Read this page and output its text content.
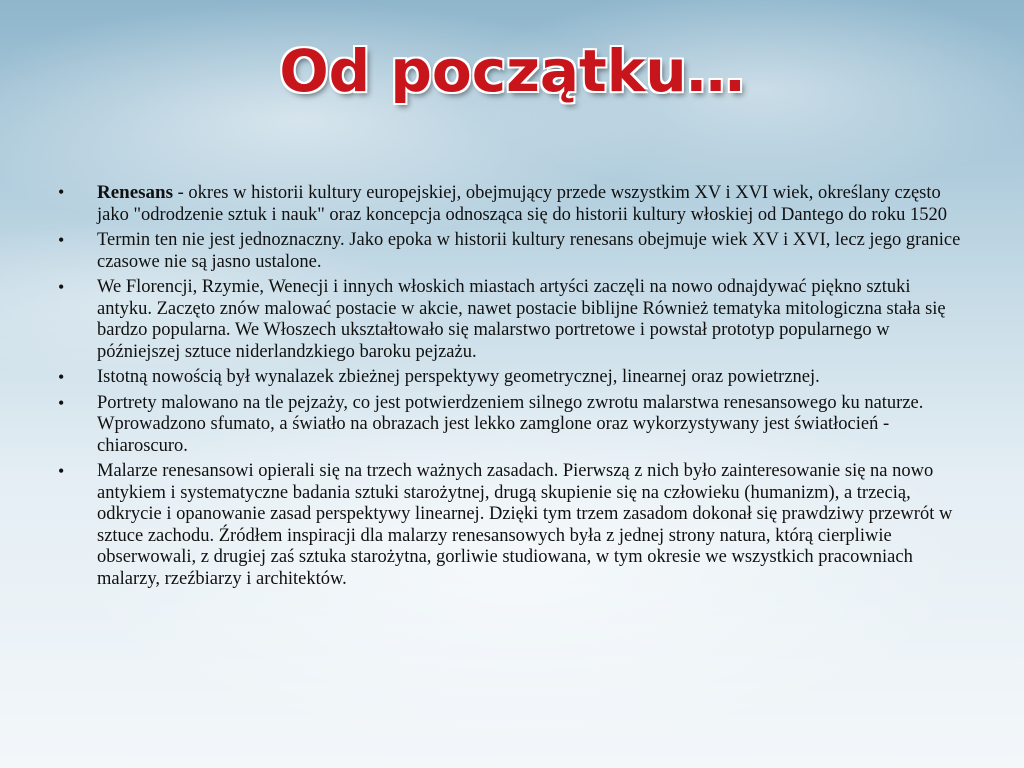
Od początku…
•	Renesans - okres w historii kultury europejskiej, obejmujący przede wszystkim XV i XVI wiek, określany często jako "odrodzenie sztuk i nauk" oraz koncepcja odnosząca się do historii kultury włoskiej od Dantego do roku 1520
•	Termin ten nie jest jednoznaczny. Jako epoka w historii kultury renesans obejmuje wiek XV i XVI, lecz jego granice czasowe nie są jasno ustalone.
•	We Florencji, Rzymie, Wenecji i innych włoskich miastach artyści zaczęli na nowo odnajdywać piękno sztuki antyku. Zaczęto znów malować postacie w akcie, nawet postacie biblijne Również tematyka mitologiczna stała się bardzo popularna. We Włoszech ukształtowało się malarstwo portretowe i powstał prototyp popularnego w późniejszej sztuce niderlandzkiego baroku pejzażu.
•	Istotną nowością był wynalazek zbieżnej perspektywy geometrycznej, linearnej oraz powietrznej.
•	Portrety malowano na tle pejzaży, co jest potwierdzeniem silnego zwrotu malarstwa renesansowego ku naturze. Wprowadzono sfumato, a światło na obrazach jest lekko zamglone oraz wykorzystywany jest światłocień - chiaroscuro.
•	Malarze renesansowi opierali się na trzech ważnych zasadach. Pierwszą z nich było zainteresowanie się na nowo antykiem i systematyczne badania sztuki starożytnej, drugą skupienie się na człowieku (humanizm), a trzecią, odkrycie i opanowanie zasad perspektywy linearnej. Dzięki tym trzem zasadom dokonał się prawdziwy przewrót w sztuce zachodu. Źródłem inspiracji dla malarzy renesansowych była z jednej strony natura, którą cierpliwie obserwowali, z drugiej zaś sztuka starożytna, gorliwie studiowana, w tym okresie we wszystkich pracowniach malarzy, rzeźbiarzy i architektów.
